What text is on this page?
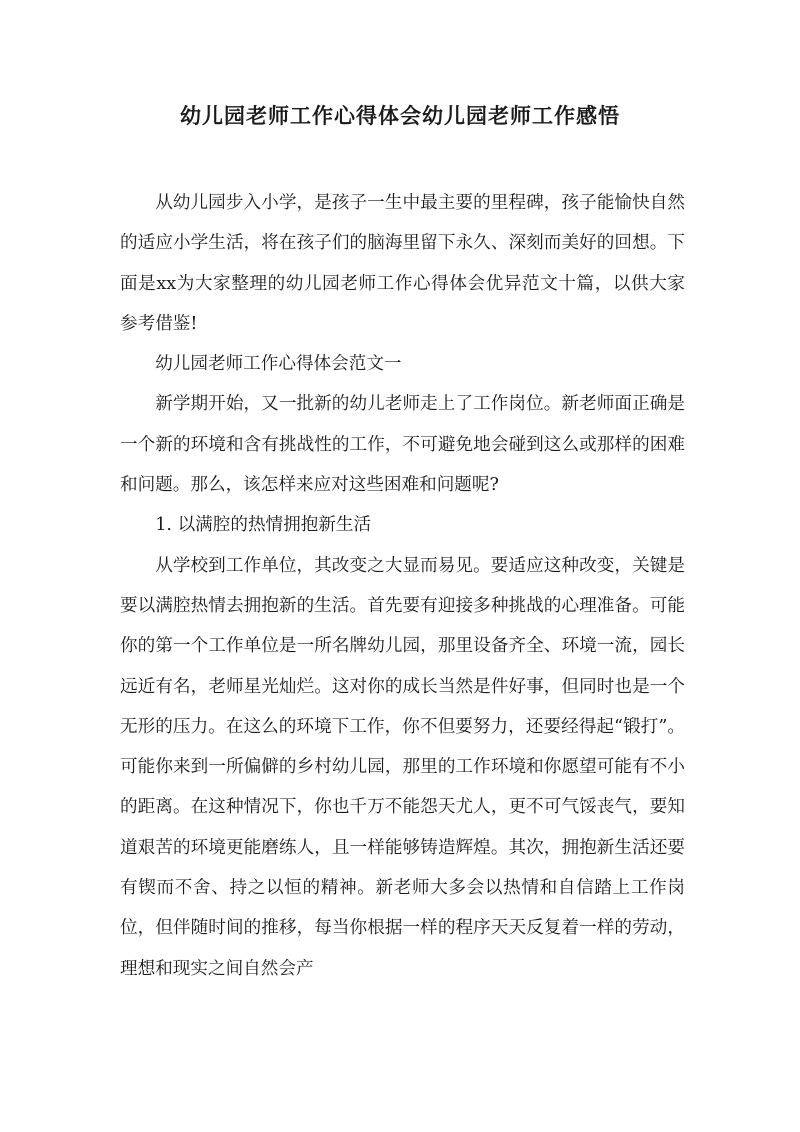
幼儿园老师工作心得体会幼儿园老师工作感悟

从幼儿园步入小学，是孩子一生中最主要的里程碑，孩子能愉快自然的适应小学生活，将在孩子们的脑海里留下永久、深刻而美好的回想。下面是xx为大家整理的幼儿园老师工作心得体会优异范文十篇，以供大家参考借鉴!

幼儿园老师工作心得体会范文一

新学期开始，又一批新的幼儿老师走上了工作岗位。新老师面正确是一个新的环境和含有挑战性的工作，不可避免地会碰到这么或那样的困难和问题。那么，该怎样来应对这些困难和问题呢?

1. 以满腔的热情拥抱新生活

从学校到工作单位，其改变之大显而易见。要适应这种改变，关键是要以满腔热情去拥抱新的生活。首先要有迎接多种挑战的心理准备。可能你的第一个工作单位是一所名牌幼儿园，那里设备齐全、环境一流，园长远近有名，老师星光灿烂。这对你的成长当然是件好事，但同时也是一个无形的压力。在这么的环境下工作，你不但要努力，还要经得起“锻打”。可能你来到一所偏僻的乡村幼儿园，那里的工作环境和你愿望可能有不小的距离。在这种情况下，你也千万不能怨天尤人，更不可气馁丧气，要知道艰苦的环境更能磨练人，且一样能够铸造辉煌。其次，拥抱新生活还要有锲而不舍、持之以恒的精神。新老师大多会以热情和自信踏上工作岗位，但伴随时间的推移，每当你根据一样的程序天天反复着一样的劳动，理想和现实之间自然会产
